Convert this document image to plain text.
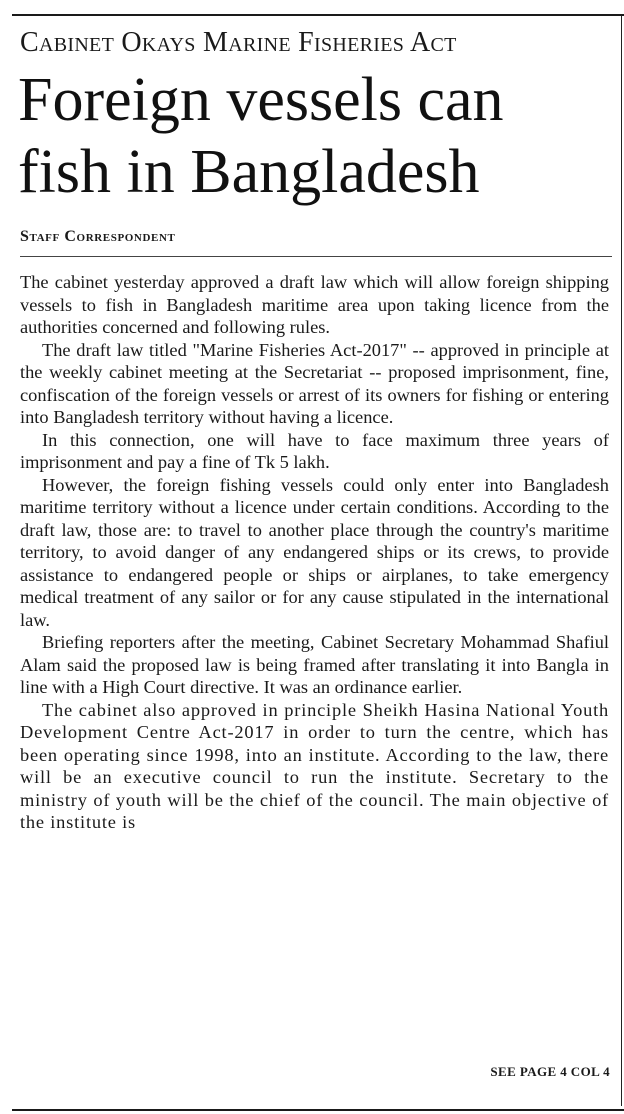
Cabinet Okays Marine Fisheries Act
Foreign vessels can
fish in Bangladesh
Staff Correspondent

The cabinet yesterday approved a draft law which will allow foreign shipping vessels to fish in Bangladesh maritime area upon taking licence from the authorities concerned and following rules.

The draft law titled "Marine Fisheries Act-2017" -- approved in principle at the weekly cabinet meeting at the Secretariat -- proposed imprisonment, fine, confiscation of the foreign vessels or arrest of its owners for fishing or entering into Bangladesh territory without having a licence.

In this connection, one will have to face maximum three years of imprisonment and pay a fine of Tk 5 lakh.

However, the foreign fishing vessels could only enter into Bangladesh maritime territory without a licence under certain conditions. According to the draft law, those are: to travel to another place through the country's maritime territory, to avoid danger of any endangered ships or its crews, to provide assistance to endangered people or ships or airplanes, to take emergency medical treatment of any sailor or for any cause stipulated in the international law.

Briefing reporters after the meeting, Cabinet Secretary Mohammad Shafiul Alam said the proposed law is being framed after translating it into Bangla in line with a High Court directive. It was an ordinance earlier.

The cabinet also approved in principle Sheikh Hasina National Youth Development Centre Act-2017 in order to turn the centre, which has been operating since 1998, into an institute. According to the law, there will be an executive council to run the institute. Secretary to the ministry of youth will be the chief of the council. The main objective of the institute is

SEE PAGE 4 COL 4
